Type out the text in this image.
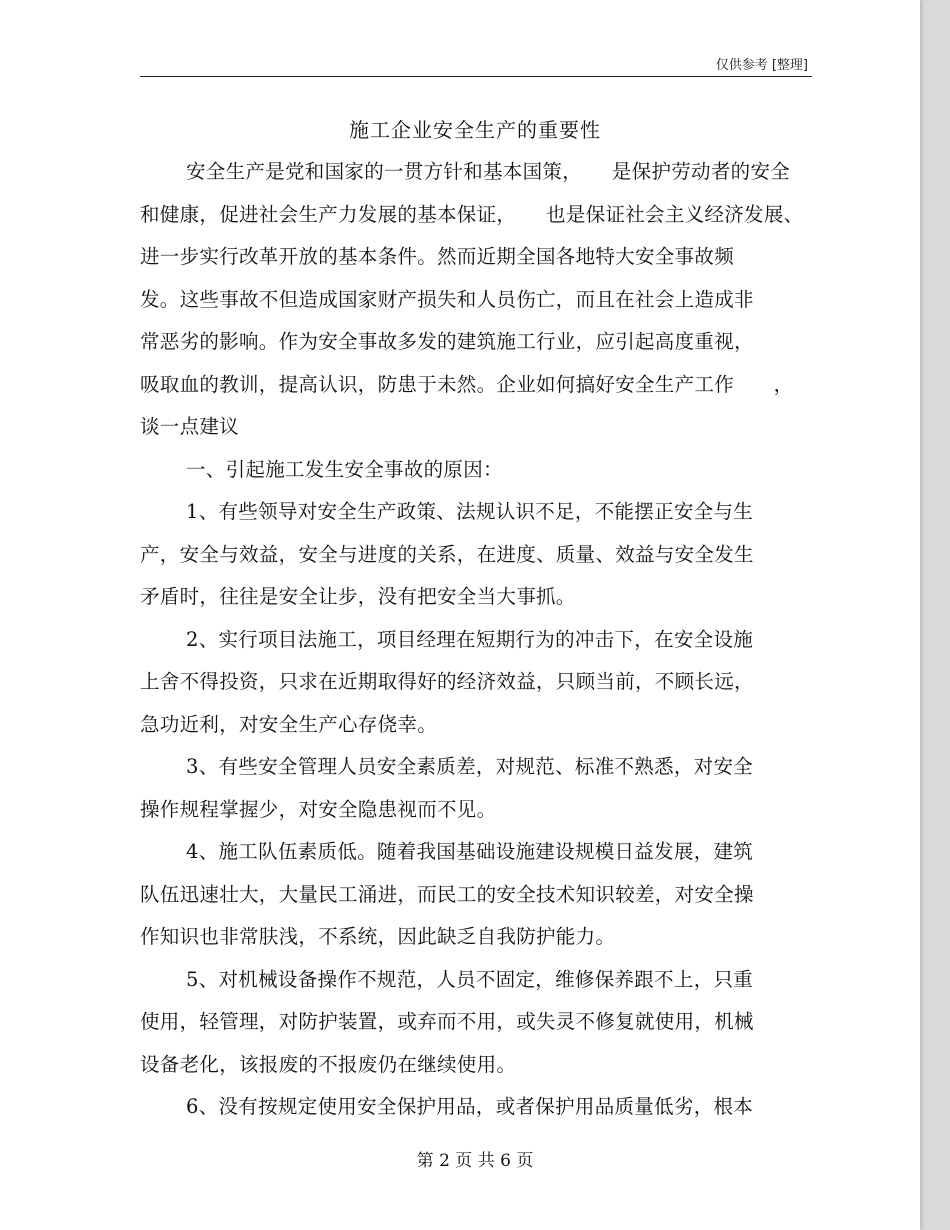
仅供参考 [整理]
施工企业安全生产的重要性
安全生产是党和国家的一贯方针和基本国策，　　是保护劳动者的安全
和健康，促进社会生产力发展的基本保证，　　也是保证社会主义经济发展、
进一步实行改革开放的基本条件。然而近期全国各地特大安全事故频
发。这些事故不但造成国家财产损失和人员伤亡，而且在社会上造成非
常恶劣的影响。作为安全事故多发的建筑施工行业，应引起高度重视，
吸取血的教训，提高认识，防患于未然。企业如何搞好安全生产工作　　，
谈一点建议
一、引起施工发生安全事故的原因：
1、有些领导对安全生产政策、法规认识不足，不能摆正安全与生
产，安全与效益，安全与进度的关系，在进度、质量、效益与安全发生
矛盾时，往往是安全让步，没有把安全当大事抓。
2、实行项目法施工，项目经理在短期行为的冲击下，在安全设施
上舍不得投资，只求在近期取得好的经济效益，只顾当前，不顾长远，
急功近利，对安全生产心存侥幸。
3、有些安全管理人员安全素质差，对规范、标准不熟悉，对安全
操作规程掌握少，对安全隐患视而不见。
4、施工队伍素质低。随着我国基础设施建设规模日益发展，建筑
队伍迅速壮大，大量民工涌进，而民工的安全技术知识较差，对安全操
作知识也非常肤浅，不系统，因此缺乏自我防护能力。
5、对机械设备操作不规范，人员不固定，维修保养跟不上，只重
使用，轻管理，对防护装置，或弃而不用，或失灵不修复就使用，机械
设备老化，该报废的不报废仍在继续使用。
6、没有按规定使用安全保护用品，或者保护用品质量低劣，根本
第 2 页 共 6 页
